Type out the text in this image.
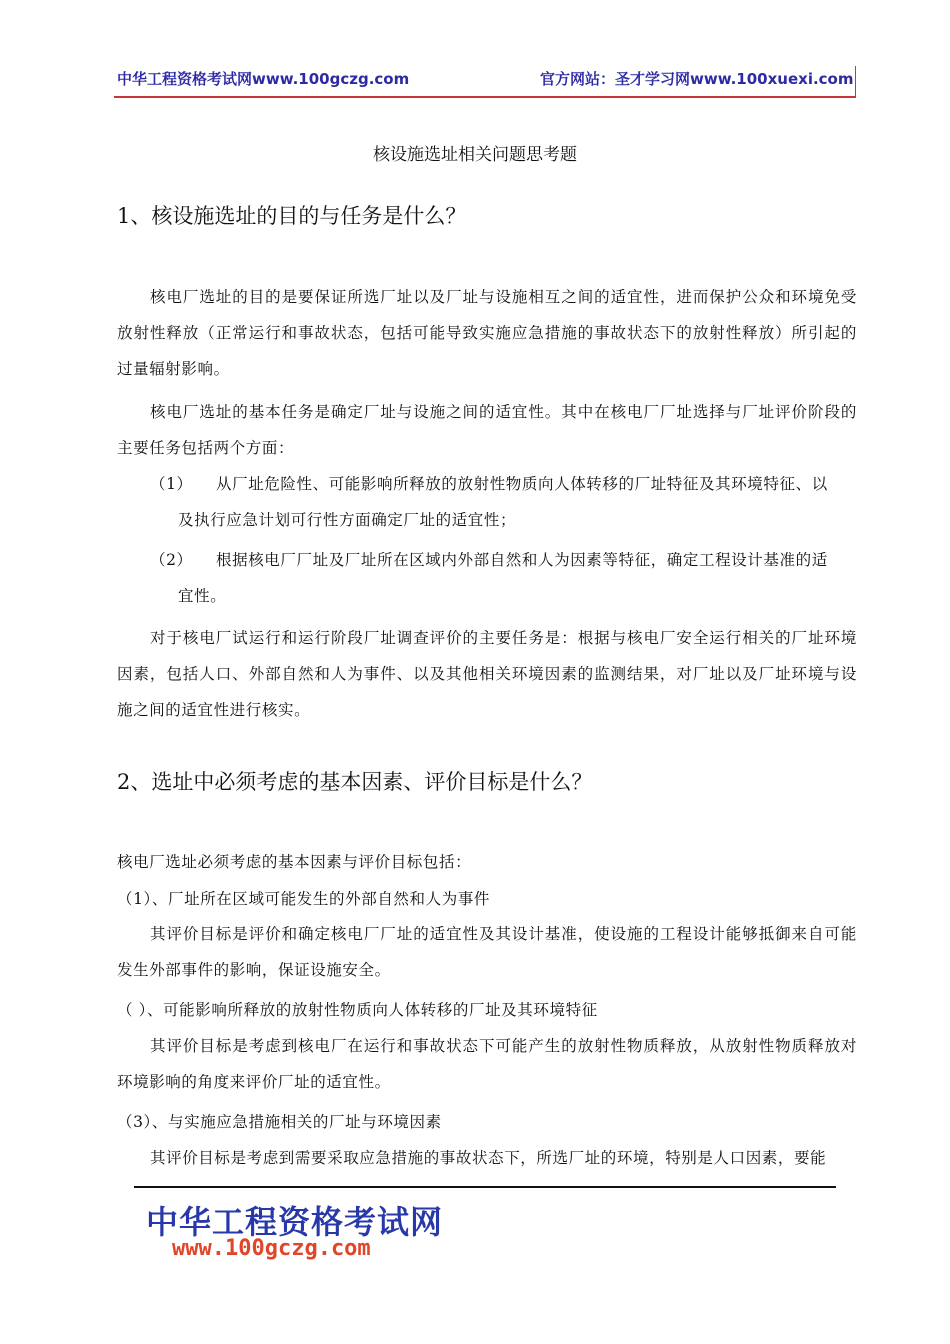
中华工程资格考试网www.100gczg.com	官方网站：圣才学习网www.100xuexi.com
核设施选址相关问题思考题
1、核设施选址的目的与任务是什么？
核电厂选址的目的是要保证所选厂址以及厂址与设施相互之间的适宜性，进而保护公众和环境免受放射性释放（正常运行和事故状态，包括可能导致实施应急措施的事故状态下的放射性释放）所引起的过量辐射影响。
核电厂选址的基本任务是确定厂址与设施之间的适宜性。其中在核电厂厂址选择与厂址评价阶段的主要任务包括两个方面：
（1） 从厂址危险性、可能影响所释放的放射性物质向人体转移的厂址特征及其环境特征、以
及执行应急计划可行性方面确定厂址的适宜性；
（2） 根据核电厂厂址及厂址所在区域内外部自然和人为因素等特征，确定工程设计基准的适
宜性。
对于核电厂试运行和运行阶段厂址调查评价的主要任务是：根据与核电厂安全运行相关的厂址环境因素，包括人口、外部自然和人为事件、以及其他相关环境因素的监测结果，对厂址以及厂址环境与设施之间的适宜性进行核实。
2、选址中必须考虑的基本因素、评价目标是什么？
核电厂选址必须考虑的基本因素与评价目标包括：
（1）、厂址所在区域可能发生的外部自然和人为事件
其评价目标是评价和确定核电厂厂址的适宜性及其设计基准，使设施的工程设计能够抵御来自可能发生外部事件的影响，保证设施安全。
（ ）、可能影响所释放的放射性物质向人体转移的厂址及其环境特征
其评价目标是考虑到核电厂在运行和事故状态下可能产生的放射性物质释放，从放射性物质释放对环境影响的角度来评价厂址的适宜性。
（3）、与实施应急措施相关的厂址与环境因素
其评价目标是考虑到需要采取应急措施的事故状态下，所选厂址的环境，特别是人口因素，要能
中华工程资格考试网
www.100gczg.com
